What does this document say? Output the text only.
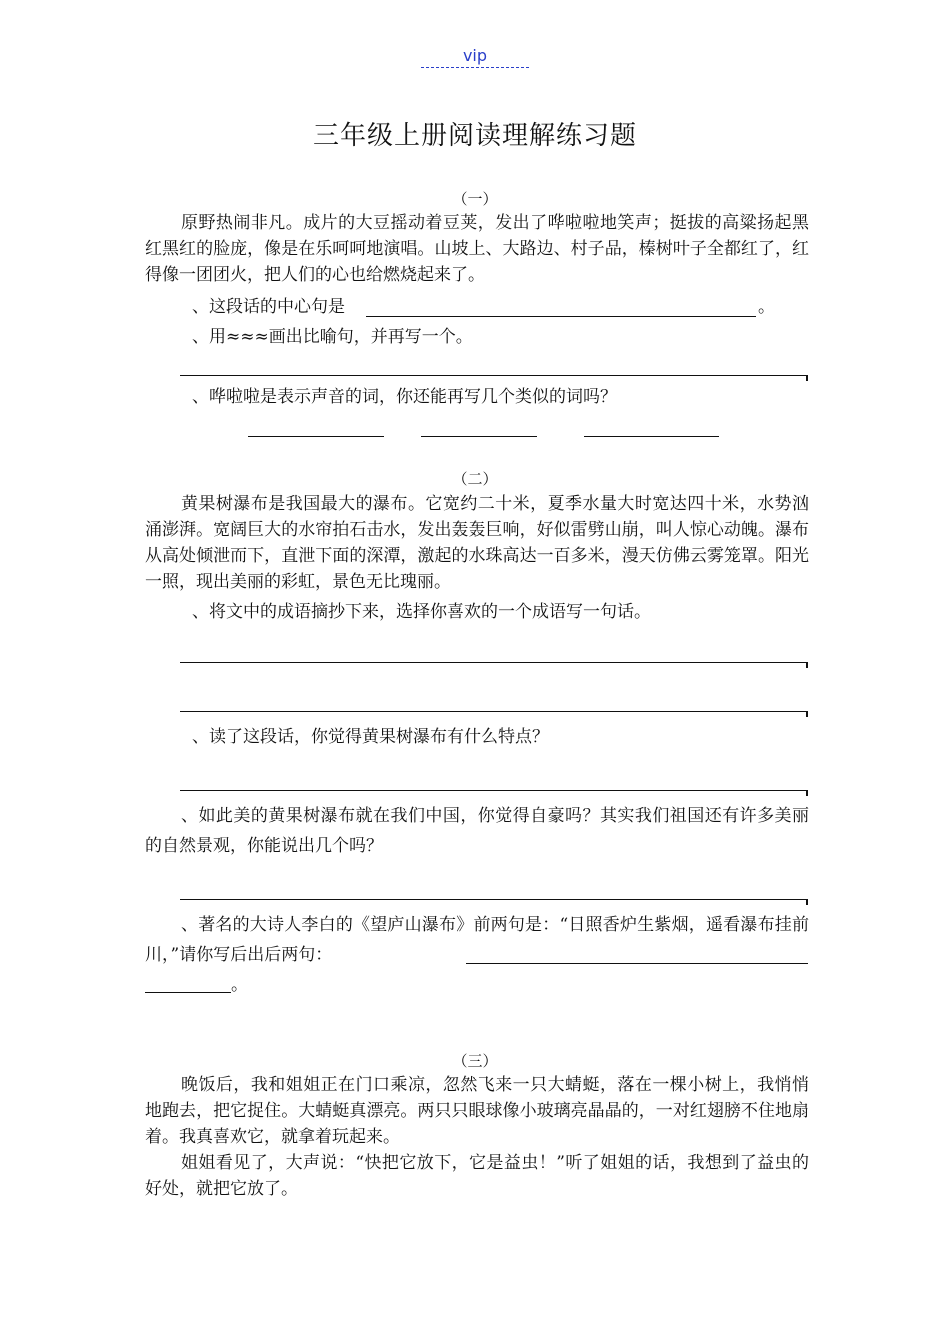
vip
三年级上册阅读理解练习题
（一）
原野热闹非凡。成片的大豆摇动着豆荚，发出了哗啦啦地笑声；挺拔的高粱扬起黑红黑红的脸庞，像是在乐呵呵地演唱。山坡上、大路边、村子品，榛树叶子全都红了，红得像一团团火，把人们的心也给燃烧起来了。
、这段话的中心句是	。
、用≈≈≈画出比喻句，并再写一个。
、哗啦啦是表示声音的词，你还能再写几个类似的词吗？
（二）
黄果树瀑布是我国最大的瀑布。它宽约二十米，夏季水量大时宽达四十米，水势汹涌澎湃。宽阔巨大的水帘拍石击水，发出轰轰巨响，好似雷劈山崩，叫人惊心动魄。瀑布从高处倾泄而下，直泄下面的深潭，激起的水珠高达一百多米，漫天仿佛云雾笼罩。阳光一照，现出美丽的彩虹，景色无比瑰丽。
、将文中的成语摘抄下来，选择你喜欢的一个成语写一句话。
、读了这段话，你觉得黄果树瀑布有什么特点？
、如此美的黄果树瀑布就在我们中国，你觉得自豪吗？其实我们祖国还有许多美丽的自然景观，你能说出几个吗？
、著名的大诗人李白的《望庐山瀑布》前两句是：“日照香炉生紫烟，遥看瀑布挂前川，”请你写后出后两句：
。
（三）
晚饭后，我和姐姐正在门口乘凉，忽然飞来一只大蜻蜓，落在一棵小树上，我悄悄地跑去，把它捉住。大蜻蜓真漂亮。两只只眼球像小玻璃亮晶晶的，一对红翅膀不住地扇着。我真喜欢它，就拿着玩起来。
姐姐看见了，大声说：“快把它放下，它是益虫！”听了姐姐的话，我想到了益虫的好处，就把它放了。
